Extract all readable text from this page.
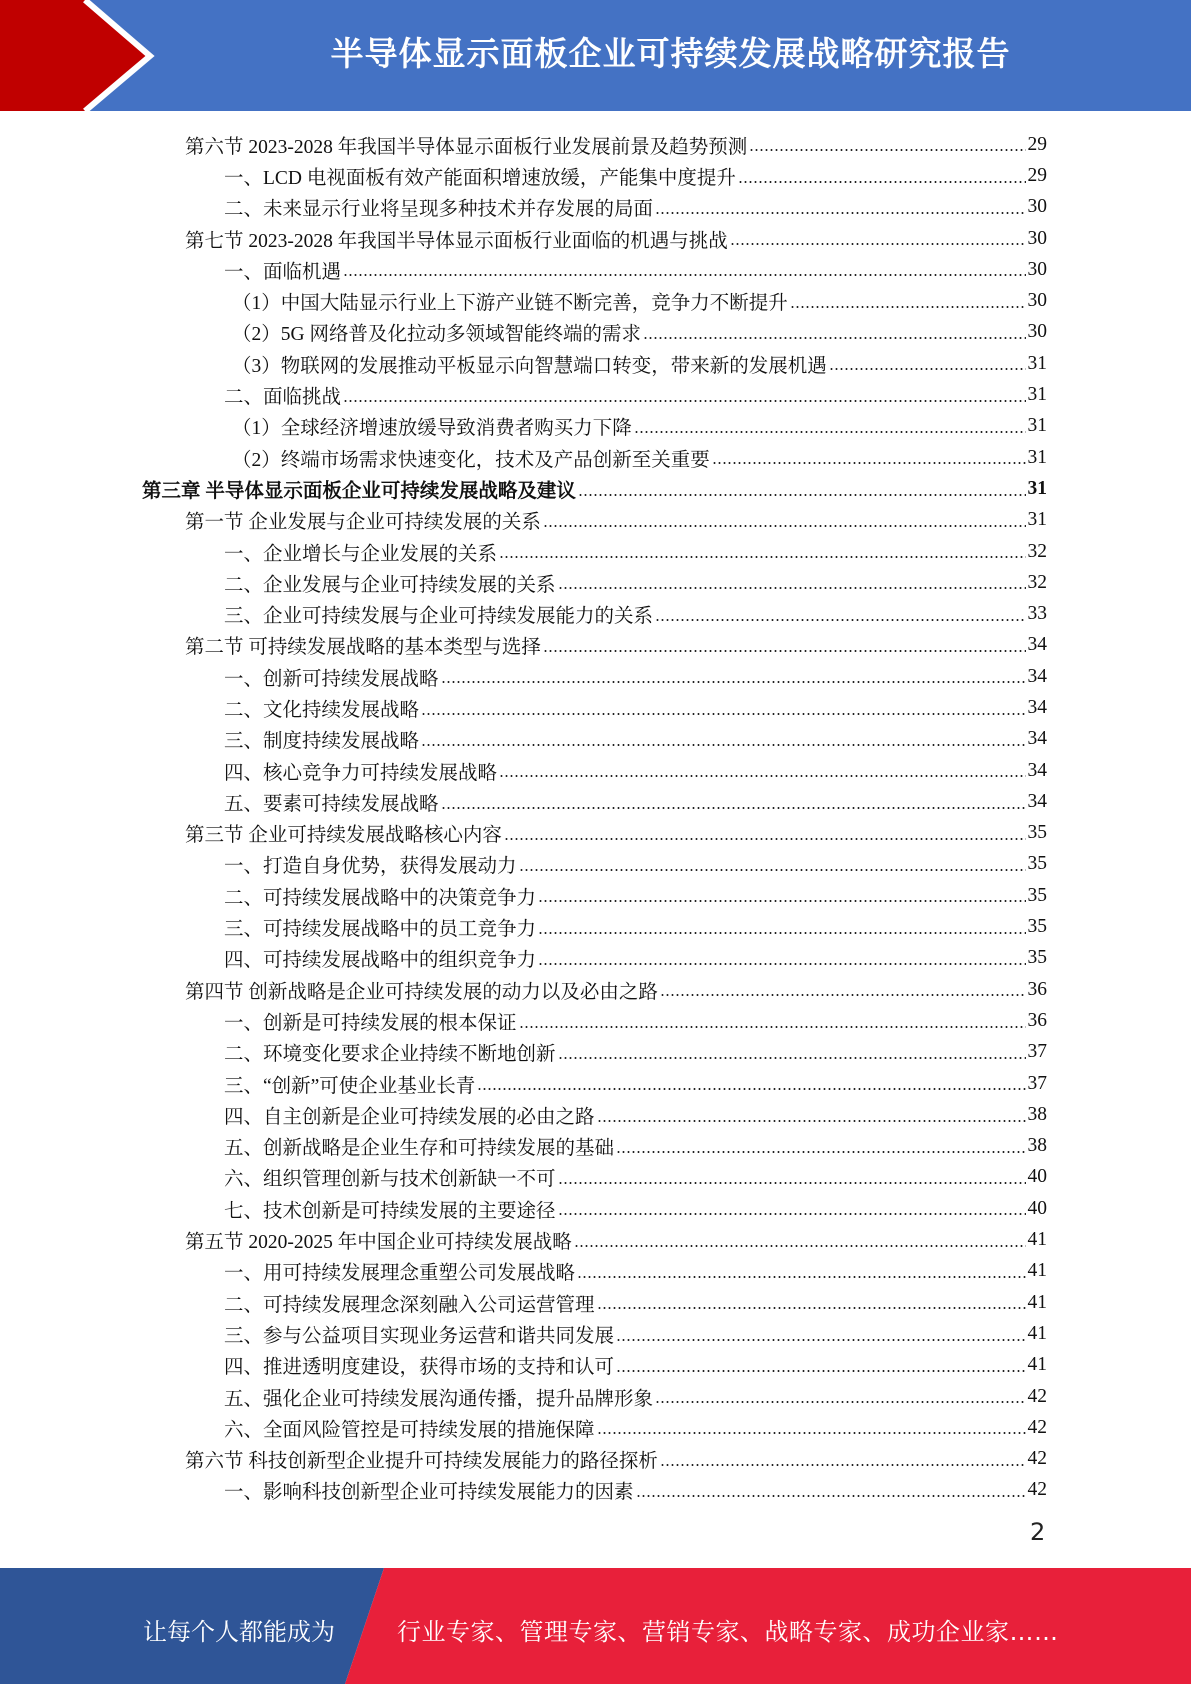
半导体显示面板企业可持续发展战略研究报告
第六节 2023-2028 年我国半导体显示面板行业发展前景及趋势预测	29
一、LCD 电视面板有效产能面积增速放缓，产能集中度提升	29
二、未来显示行业将呈现多种技术并存发展的局面	30
第七节 2023-2028 年我国半导体显示面板行业面临的机遇与挑战	30
一、面临机遇	30
（1）中国大陆显示行业上下游产业链不断完善，竞争力不断提升	30
（2）5G 网络普及化拉动多领域智能终端的需求	30
（3）物联网的发展推动平板显示向智慧端口转变，带来新的发展机遇	31
二、面临挑战	31
（1）全球经济增速放缓导致消费者购买力下降	31
（2）终端市场需求快速变化，技术及产品创新至关重要	31
第三章 半导体显示面板企业可持续发展战略及建议	31
第一节 企业发展与企业可持续发展的关系	31
一、企业增长与企业发展的关系	32
二、企业发展与企业可持续发展的关系	32
三、企业可持续发展与企业可持续发展能力的关系	33
第二节 可持续发展战略的基本类型与选择	34
一、创新可持续发展战略	34
二、文化持续发展战略	34
三、制度持续发展战略	34
四、核心竞争力可持续发展战略	34
五、要素可持续发展战略	34
第三节 企业可持续发展战略核心内容	35
一、打造自身优势，获得发展动力	35
二、可持续发展战略中的决策竞争力	35
三、可持续发展战略中的员工竞争力	35
四、可持续发展战略中的组织竞争力	35
第四节 创新战略是企业可持续发展的动力以及必由之路	36
一、创新是可持续发展的根本保证	36
二、环境变化要求企业持续不断地创新	37
三、“创新”可使企业基业长青	37
四、自主创新是企业可持续发展的必由之路	38
五、创新战略是企业生存和可持续发展的基础	38
六、组织管理创新与技术创新缺一不可	40
七、技术创新是可持续发展的主要途径	40
第五节 2020-2025 年中国企业可持续发展战略	41
一、用可持续发展理念重塑公司发展战略	41
二、可持续发展理念深刻融入公司运营管理	41
三、参与公益项目实现业务运营和谐共同发展	41
四、推进透明度建设，获得市场的支持和认可	41
五、强化企业可持续发展沟通传播，提升品牌形象	42
六、全面风险管控是可持续发展的措施保障	42
第六节 科技创新型企业提升可持续发展能力的路径探析	42
一、影响科技创新型企业可持续发展能力的因素	42
2
让每个人都能成为	行业专家、管理专家、营销专家、战略专家、成功企业家……
